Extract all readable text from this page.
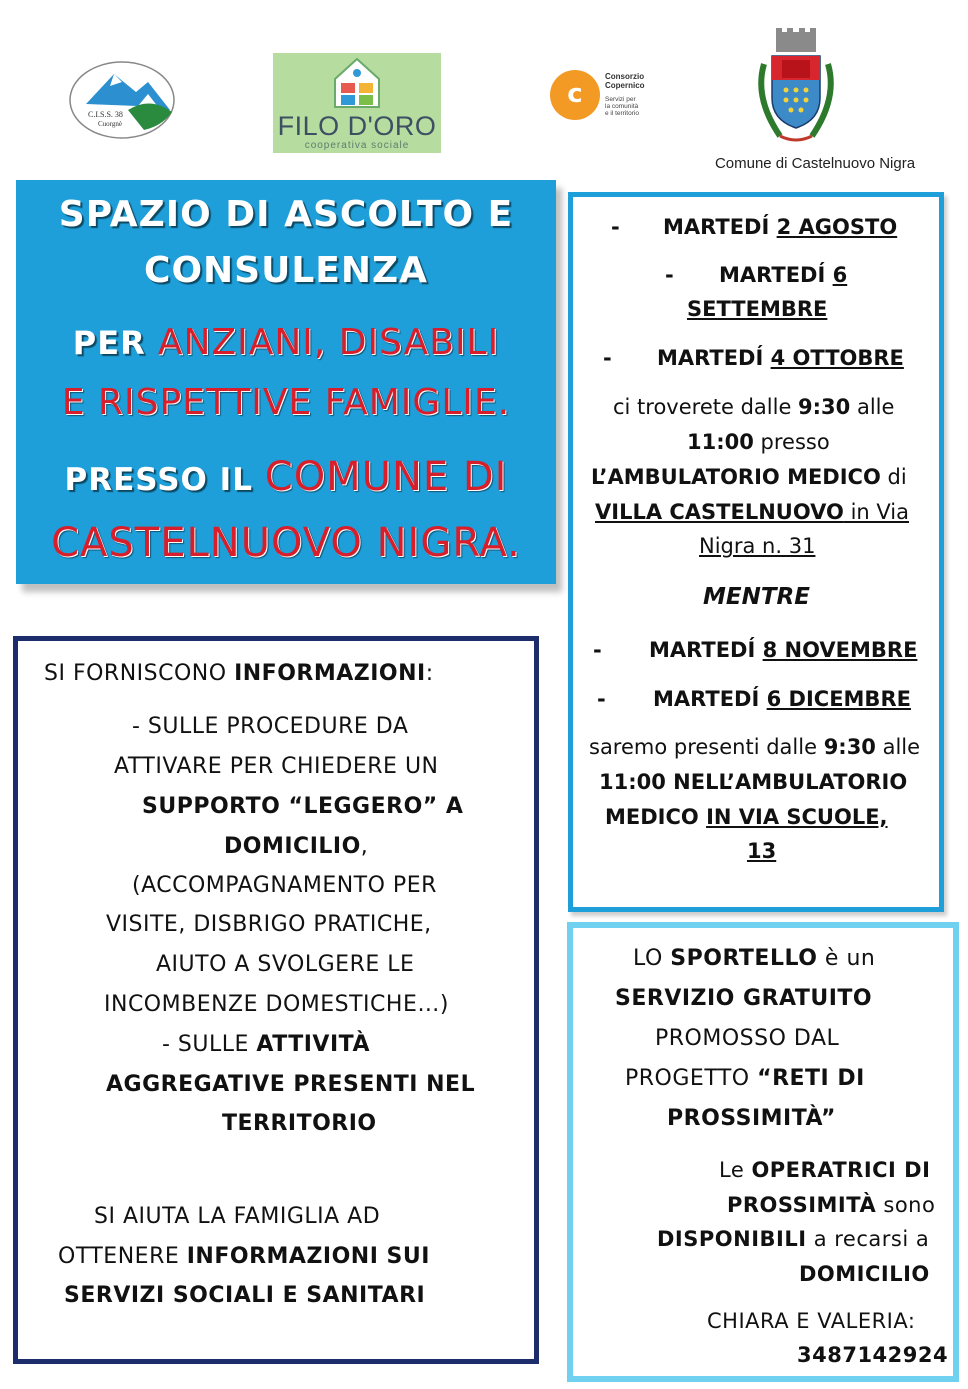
C.I.S.S. 38
Cuorgnè	FILO D'ORO
cooperativa sociale
c
Consorzio
Copernico
Servizi per
la comunità
e il territorio
Comune di Castelnuovo Nigra
SPAZIO DI ASCOLTO E
CONSULENZA
PER ANZIANI, DISABILI
E RISPETTIVE FAMIGLIE.
PRESSO IL COMUNE DI
CASTELNUOVO NIGRA.
- MARTEDÍ 2 AGOSTO
- MARTEDÍ 6
SETTEMBRE
- MARTEDÍ 4 OTTOBRE
ci troverete dalle 9:30 alle
11:00 presso
L’AMBULATORIO MEDICO di
VILLA CASTELNUOVO in Via
Nigra n. 31
MENTRE
- MARTEDÍ 8 NOVEMBRE
- MARTEDÍ 6 DICEMBRE
saremo presenti dalle 9:30 alle
11:00 NELL’AMBULATORIO
MEDICO IN VIA SCUOLE,
13
SI FORNISCONO INFORMAZIONI:
- SULLE PROCEDURE DA
ATTIVARE PER CHIEDERE UN
SUPPORTO “LEGGERO” A
DOMICILIO,
(ACCOMPAGNAMENTO PER
VISITE, DISBRIGO PRATICHE,
AIUTO A SVOLGERE LE
INCOMBENZE DOMESTICHE…)
- SULLE ATTIVITÀ
AGGREGATIVE PRESENTI NEL
TERRITORIO
SI AIUTA LA FAMIGLIA AD
OTTENERE INFORMAZIONI SUI
SERVIZI SOCIALI E SANITARI
LO SPORTELLO è un
SERVIZIO GRATUITO
PROMOSSO DAL
PROGETTO “RETI DI
PROSSIMITÀ”
Le OPERATRICI DI
PROSSIMITÀ sono
DISPONIBILI a recarsi a
DOMICILIO
CHIARA E VALERIA:
3487142924
